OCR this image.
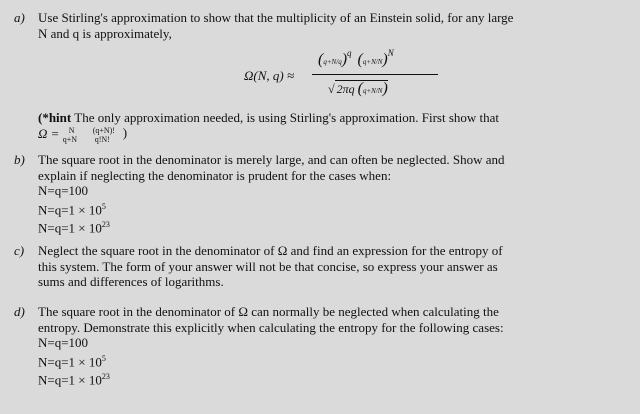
a) Use Stirling's approximation to show that the multiplicity of an Einstein solid, for any large
N and q is approximately,
Ω(N, q) ≈
$(q+N/q)^q$ $(q+N/N)^N$
√ 2πq (q+N/N)
(*hint The only approximation needed, is using Stirling's approximation. First show that
Ω = N
q+N
(q+N)!
q!N! )
b) The square root in the denominator is merely large, and can often be neglected. Show and
explain if neglecting the denominator is prudent for the cases when:
N=q=100
$N=q=1 \times 10^5$
$N=q=1 \times 10^{23}$
c) Neglect the square root in the denominator of Ω and find an expression for the entropy of
this system. The form of your answer will not be that concise, so express your answer as
sums and differences of logarithms.
d) The square root in the denominator of Ω can normally be neglected when calculating the
entropy. Demonstrate this explicitly when calculating the entropy for the following cases:
N=q=100
$N=q=1 \times 10^5$
$N=q=1 \times 10^{23}$
